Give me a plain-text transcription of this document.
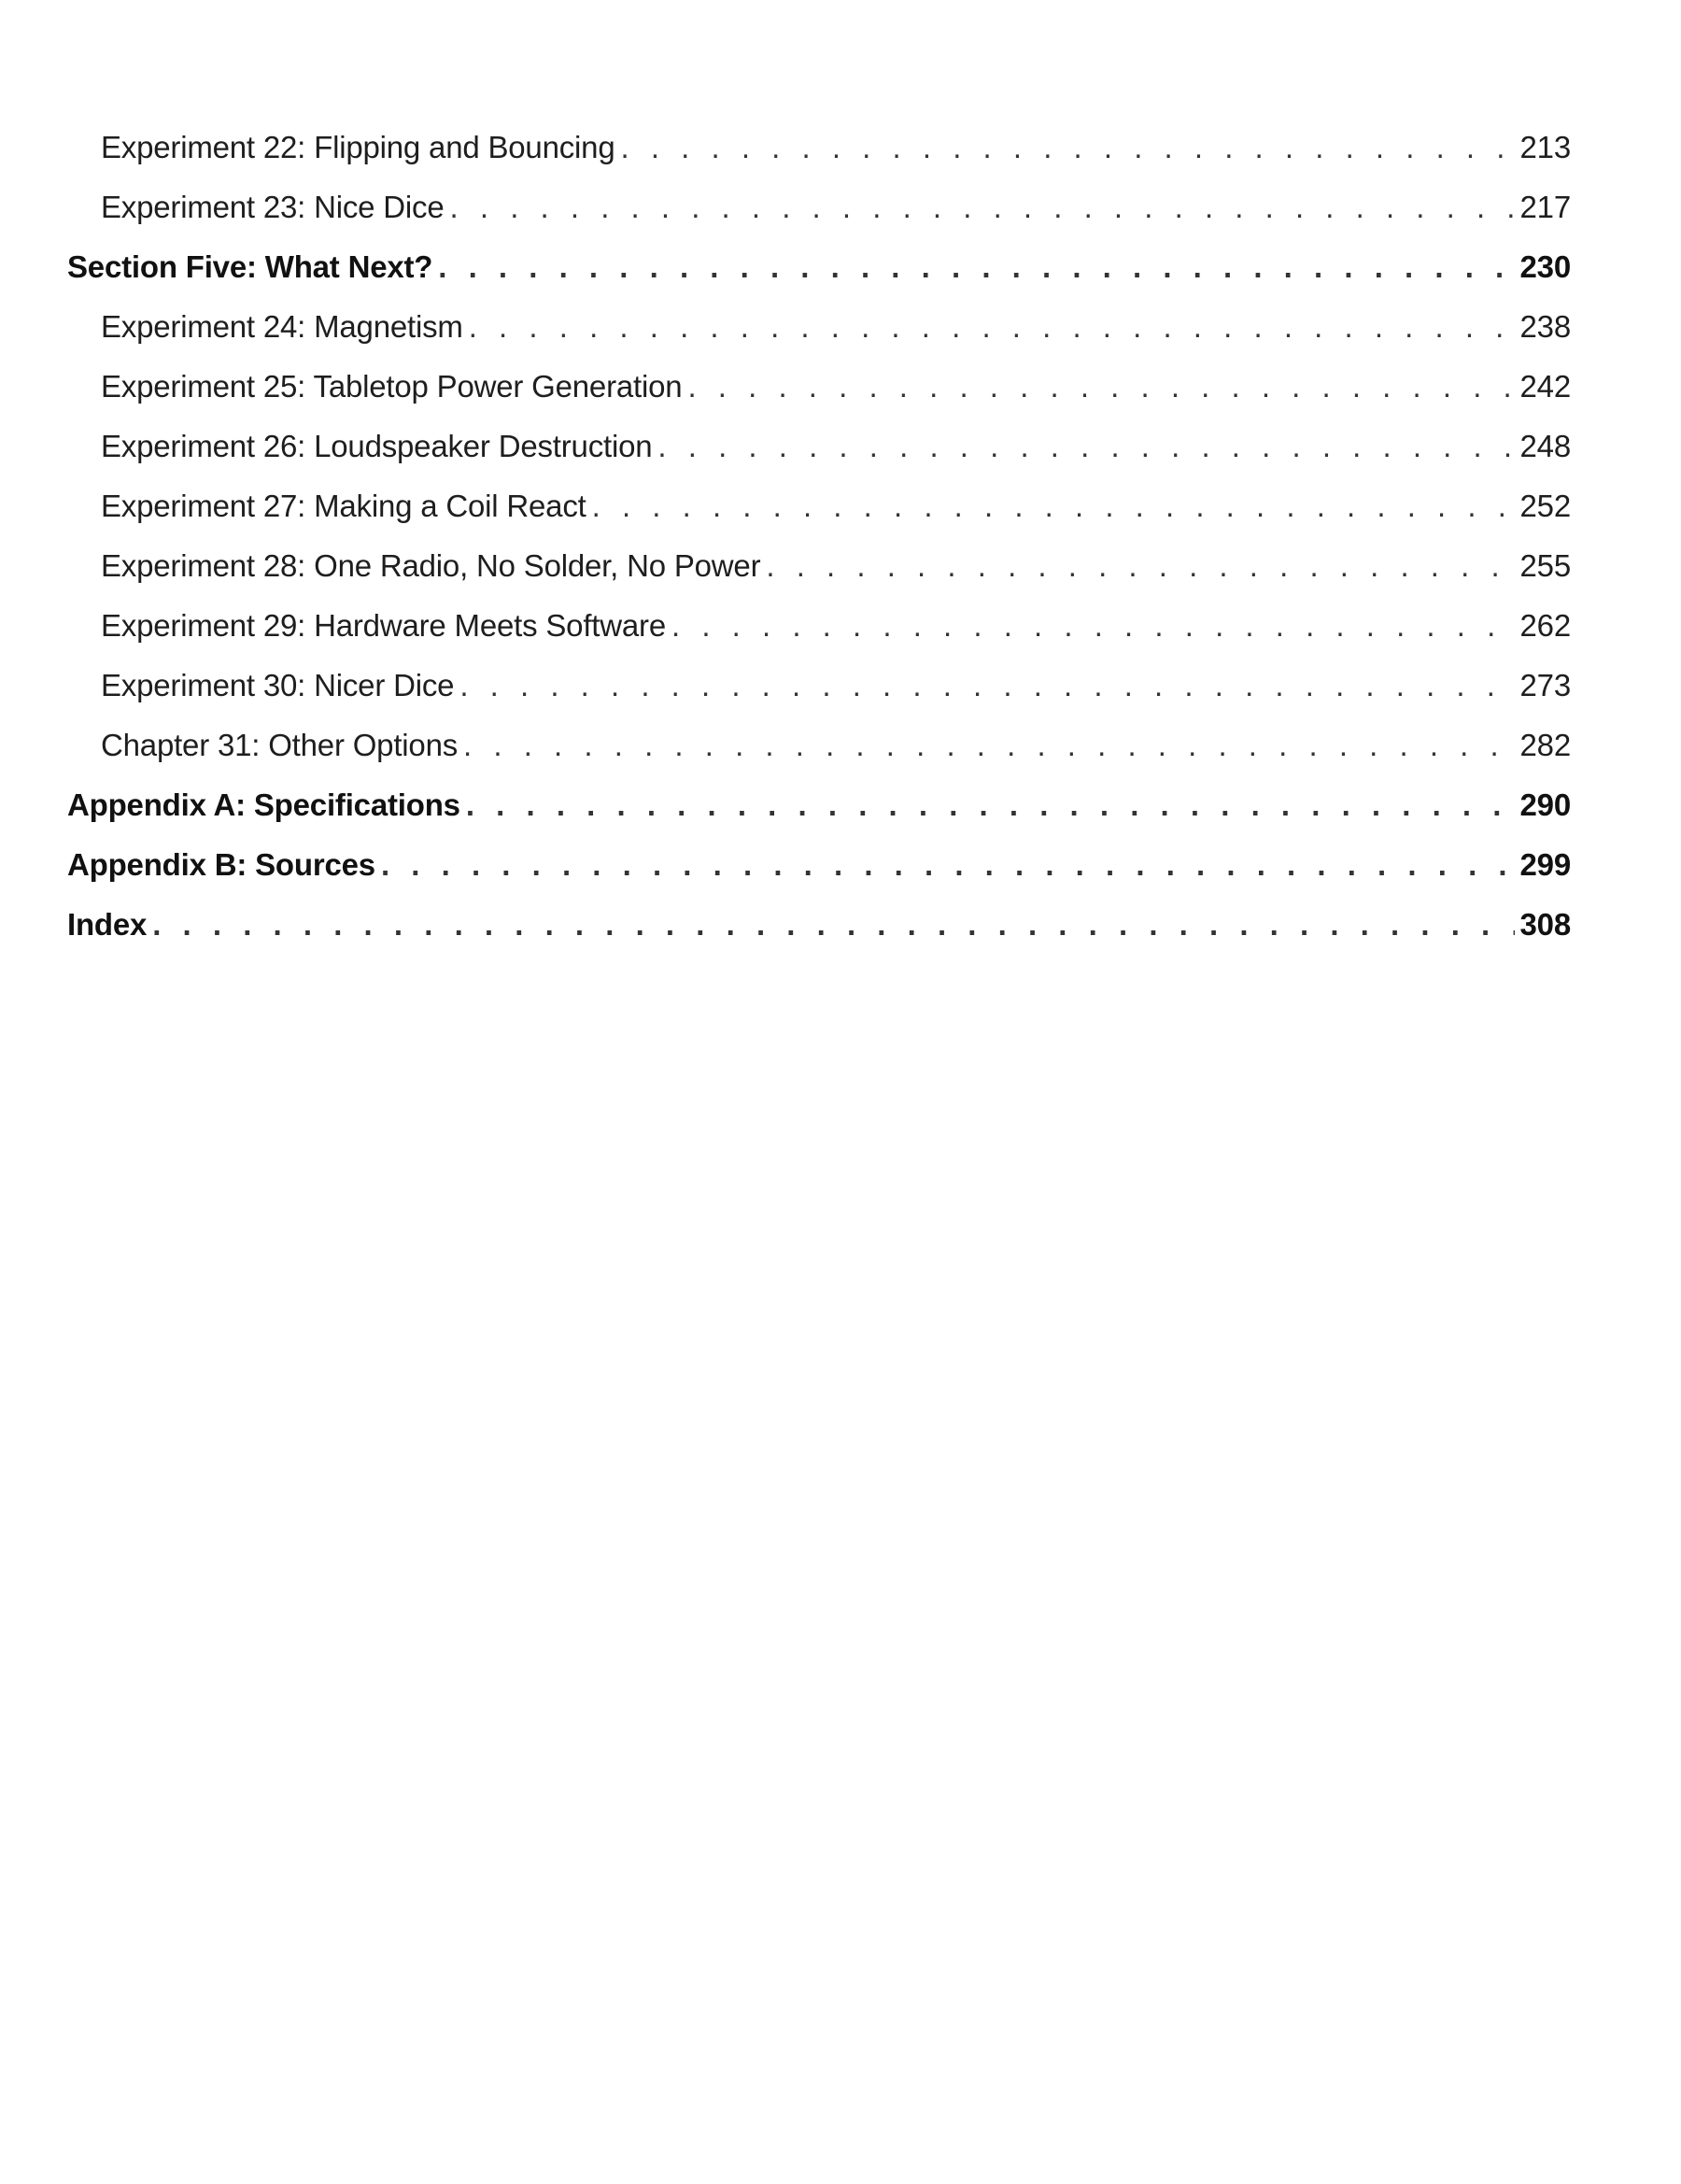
Experiment 22: Flipping and Bouncing . . .	213
Experiment 23: Nice Dice . . .	217
Section Five: What Next? . . .	230
Experiment 24: Magnetism . . .	238
Experiment 25: Tabletop Power Generation . . .	242
Experiment 26: Loudspeaker Destruction . . .	248
Experiment 27: Making a Coil React . . .	252
Experiment 28: One Radio, No Solder, No Power . . .	255
Experiment 29: Hardware Meets Software . . .	262
Experiment 30: Nicer Dice . . .	273
Chapter 31: Other Options . . .	282
Appendix A: Specifications . . .	290
Appendix B: Sources . . .	299
Index . . .	308
